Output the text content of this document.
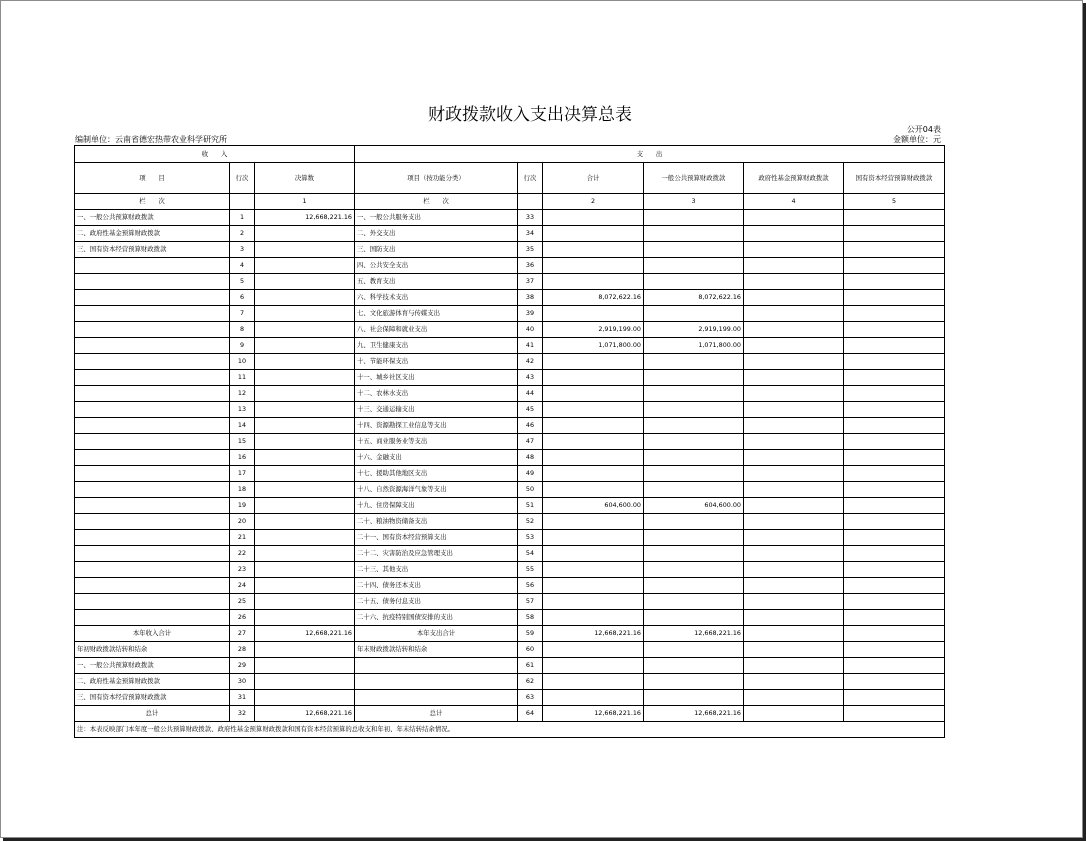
财政拨款收入支出决算总表
公开04表
编制单位：云南省德宏热带农业科学研究所	金额单位：元
收　　入			支　　出					
项　　目	行次	决算数	项目（按功能分类）	行次	合计	一般公共预算财政拨款	政府性基金预算财政拨款	国有资本经营预算财政拨款
栏　　次		1	栏　　次		2	3	4	5
一、一般公共预算财政拨款	1	12,668,221.16	一、一般公共服务支出	33				
二、政府性基金预算财政拨款	2		二、外交支出	34				
三、国有资本经营预算财政拨款	3		三、国防支出	35				
	4		四、公共安全支出	36				
	5		五、教育支出	37				
	6		六、科学技术支出	38	8,072,622.16	8,072,622.16		
	7		七、文化旅游体育与传媒支出	39				
	8		八、社会保障和就业支出	40	2,919,199.00	2,919,199.00		
	9		九、卫生健康支出	41	1,071,800.00	1,071,800.00		
	10		十、节能环保支出	42				
	11		十一、城乡社区支出	43				
	12		十二、农林水支出	44				
	13		十三、交通运输支出	45				
	14		十四、资源勘探工业信息等支出	46				
	15		十五、商业服务业等支出	47				
	16		十六、金融支出	48				
	17		十七、援助其他地区支出	49				
	18		十八、自然资源海洋气象等支出	50				
	19		十九、住房保障支出	51	604,600.00	604,600.00		
	20		二十、粮油物资储备支出	52				
	21		二十一、国有资本经营预算支出	53				
	22		二十二、灾害防治及应急管理支出	54				
	23		二十三、其他支出	55				
	24		二十四、债务还本支出	56				
	25		二十五、债务付息支出	57				
	26		二十六、抗疫特别国债安排的支出	58				
本年收入合计	27	12,668,221.16	本年支出合计	59	12,668,221.16	12,668,221.16		
年初财政拨款结转和结余	28		年末财政拨款结转和结余	60				
一、一般公共预算财政拨款	29			61				
二、政府性基金预算财政拨款	30			62				
三、国有资本经营预算财政拨款	31			63				
总计	32	12,668,221.16	总计	64	12,668,221.16	12,668,221.16		
注：本表反映部门本年度一般公共预算财政拨款、政府性基金预算财政拨款和国有资本经营预算的总收支和年初、年末结转结余情况。								
